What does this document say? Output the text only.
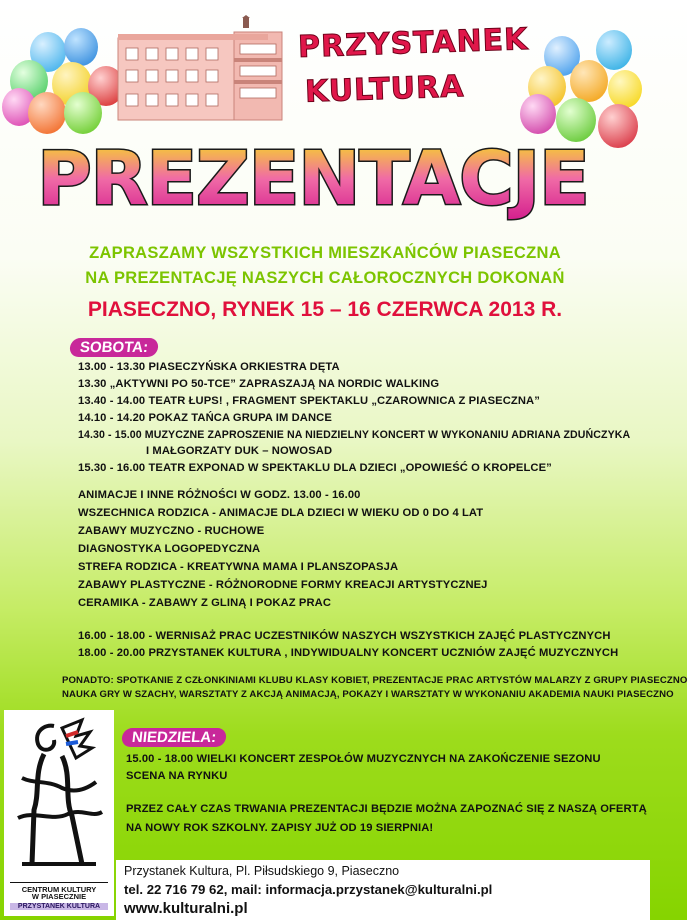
PRZYSTANEK
KULTURA
PREZENTACJE
ZAPRASZAMY WSZYSTKICH MIESZKAŃCÓW PIASECZNA
NA PREZENTACJĘ NASZYCH CAŁOROCZNYCH DOKONAŃ
PIASECZNO, RYNEK 15 – 16 CZERWCA 2013 R.
SOBOTA:
13.00 - 13.30 PIASECZYŃSKA ORKIESTRA DĘTA
13.30 „AKTYWNI PO 50-TCE” ZAPRASZAJĄ NA NORDIC WALKING
13.40 - 14.00 TEATR ŁUPS! , FRAGMENT SPEKTAKLU „CZAROWNICA Z PIASECZNA”
14.10 - 14.20 POKAZ TAŃCA GRUPA IM DANCE
14.30 - 15.00 MUZYCZNE ZAPROSZENIE NA NIEDZIELNY KONCERT W WYKONANIU ADRIANA ZDUŃCZYKA
I MAŁGORZATY DUK – NOWOSAD
15.30 - 16.00 TEATR EXPONAD W SPEKTAKLU DLA DZIECI „OPOWIEŚĆ O KROPELCE”
ANIMACJE I INNE RÓŻNOŚCI W GODZ. 13.00 - 16.00
WSZECHNICA RODZICA - ANIMACJE DLA DZIECI W WIEKU OD 0 DO 4 LAT
ZABAWY MUZYCZNO - RUCHOWE
DIAGNOSTYKA LOGOPEDYCZNA
STREFA RODZICA - KREATYWNA MAMA I PLANSZOPASJA
ZABAWY PLASTYCZNE - RÓŻNORODNE FORMY KREACJI ARTYSTYCZNEJ
CERAMIKA - ZABAWY Z GLINĄ I POKAZ PRAC
16.00 - 18.00 - WERNISAŻ PRAC UCZESTNIKÓW NASZYCH WSZYSTKICH ZAJĘĆ PLASTYCZNYCH
18.00 - 20.00 PRZYSTANEK KULTURA , INDYWIDUALNY KONCERT UCZNIÓW ZAJĘĆ MUZYCZNYCH
PONADTO: SPOTKANIE Z CZŁONKINIAMI KLUBU KLASY KOBIET, PREZENTACJE PRAC ARTYSTÓW MALARZY Z GRUPY PIASECZNO
NAUKA GRY W SZACHY, WARSZTATY Z AKCJĄ ANIMACJĄ, POKAZY I WARSZTATY W WYKONANIU AKADEMIA NAUKI PIASECZNO
NIEDZIELA:
15.00 - 18.00 WIELKI KONCERT ZESPOŁÓW MUZYCZNYCH NA ZAKOŃCZENIE SEZONU
SCENA NA RYNKU
PRZEZ CAŁY CZAS TRWANIA PREZENTACJI BĘDZIE MOŻNA ZAPOZNAĆ SIĘ Z NASZĄ OFERTĄ
NA NOWY ROK SZKOLNY. ZAPISY JUŻ OD 19 SIERPNIA!
CENTRUM KULTURY
W PIASECZNIE
PRZYSTANEK KULTURA
Przystanek Kultura, Pl. Piłsudskiego 9, Piaseczno
tel. 22 716 79 62, mail: informacja.przystanek@kulturalni.pl
www.kulturalni.pl
